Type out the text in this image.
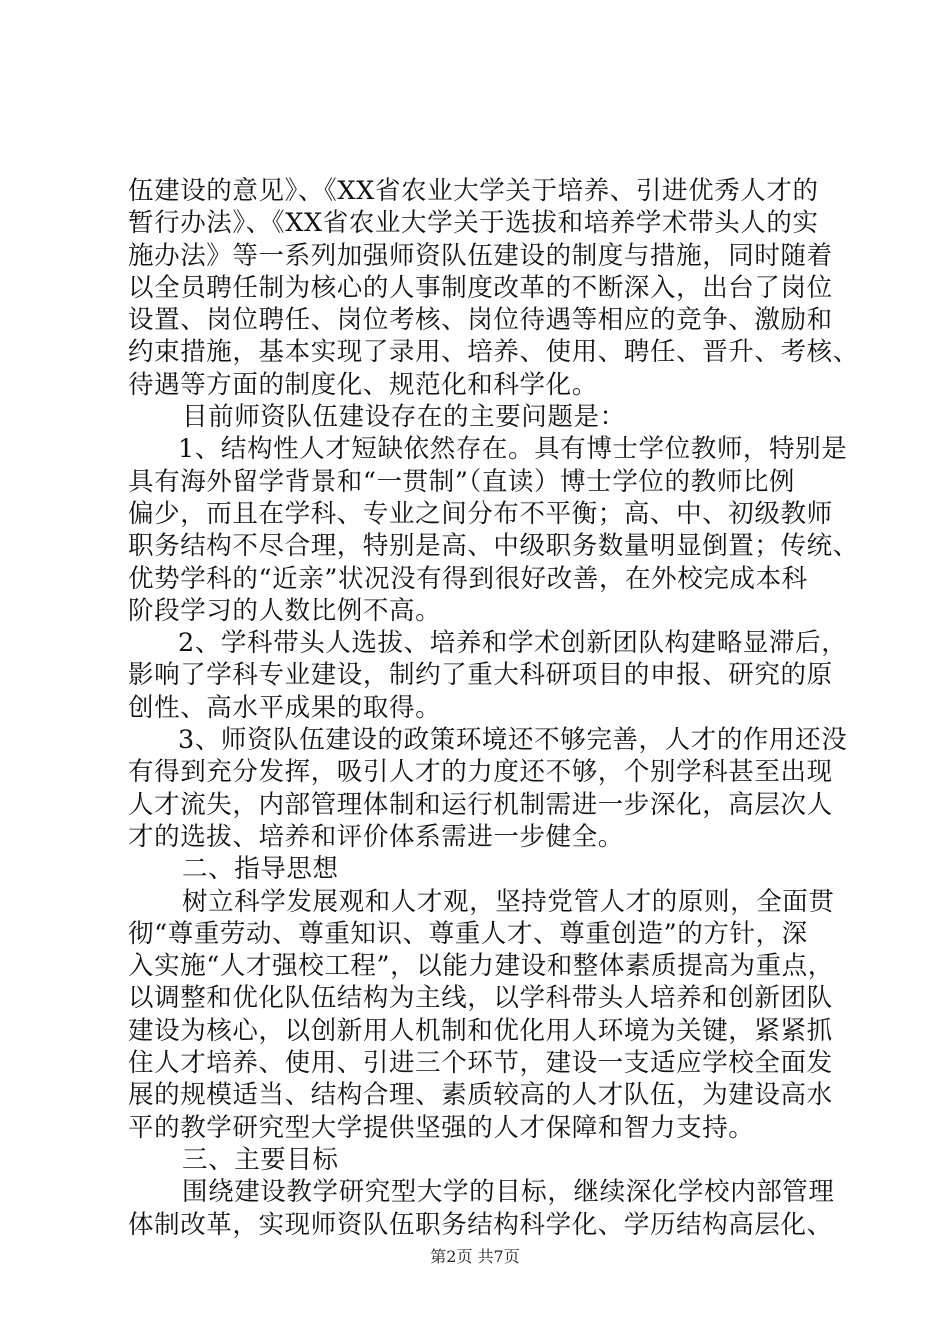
伍建设的意见》、《XX省农业大学关于培养、引进优秀人才的
暂行办法》、《XX省农业大学关于选拔和培养学术带头人的实
施办法》等一系列加强师资队伍建设的制度与措施，同时随着
以全员聘任制为核心的人事制度改革的不断深入，出台了岗位
设置、岗位聘任、岗位考核、岗位待遇等相应的竞争、激励和
约束措施，基本实现了录用、培养、使用、聘任、晋升、考核、
待遇等方面的制度化、规范化和科学化。
目前师资队伍建设存在的主要问题是：
1、结构性人才短缺依然存在。具有博士学位教师，特别是
具有海外留学背景和“一贯制”（直读）博士学位的教师比例
偏少，而且在学科、专业之间分布不平衡；高、中、初级教师
职务结构不尽合理，特别是高、中级职务数量明显倒置；传统、
优势学科的“近亲”状况没有得到很好改善，在外校完成本科
阶段学习的人数比例不高。
2、学科带头人选拔、培养和学术创新团队构建略显滞后，
影响了学科专业建设，制约了重大科研项目的申报、研究的原
创性、高水平成果的取得。
3、师资队伍建设的政策环境还不够完善，人才的作用还没
有得到充分发挥，吸引人才的力度还不够，个别学科甚至出现
人才流失，内部管理体制和运行机制需进一步深化，高层次人
才的选拔、培养和评价体系需进一步健全。
二、指导思想
树立科学发展观和人才观，坚持党管人才的原则，全面贯
彻“尊重劳动、尊重知识、尊重人才、尊重创造”的方针，深
入实施“人才强校工程”，以能力建设和整体素质提高为重点，
以调整和优化队伍结构为主线，以学科带头人培养和创新团队
建设为核心，以创新用人机制和优化用人环境为关键，紧紧抓
住人才培养、使用、引进三个环节，建设一支适应学校全面发
展的规模适当、结构合理、素质较高的人才队伍，为建设高水
平的教学研究型大学提供坚强的人才保障和智力支持。
三、主要目标
围绕建设教学研究型大学的目标，继续深化学校内部管理
体制改革，实现师资队伍职务结构科学化、学历结构高层化、
第2页 共7页
